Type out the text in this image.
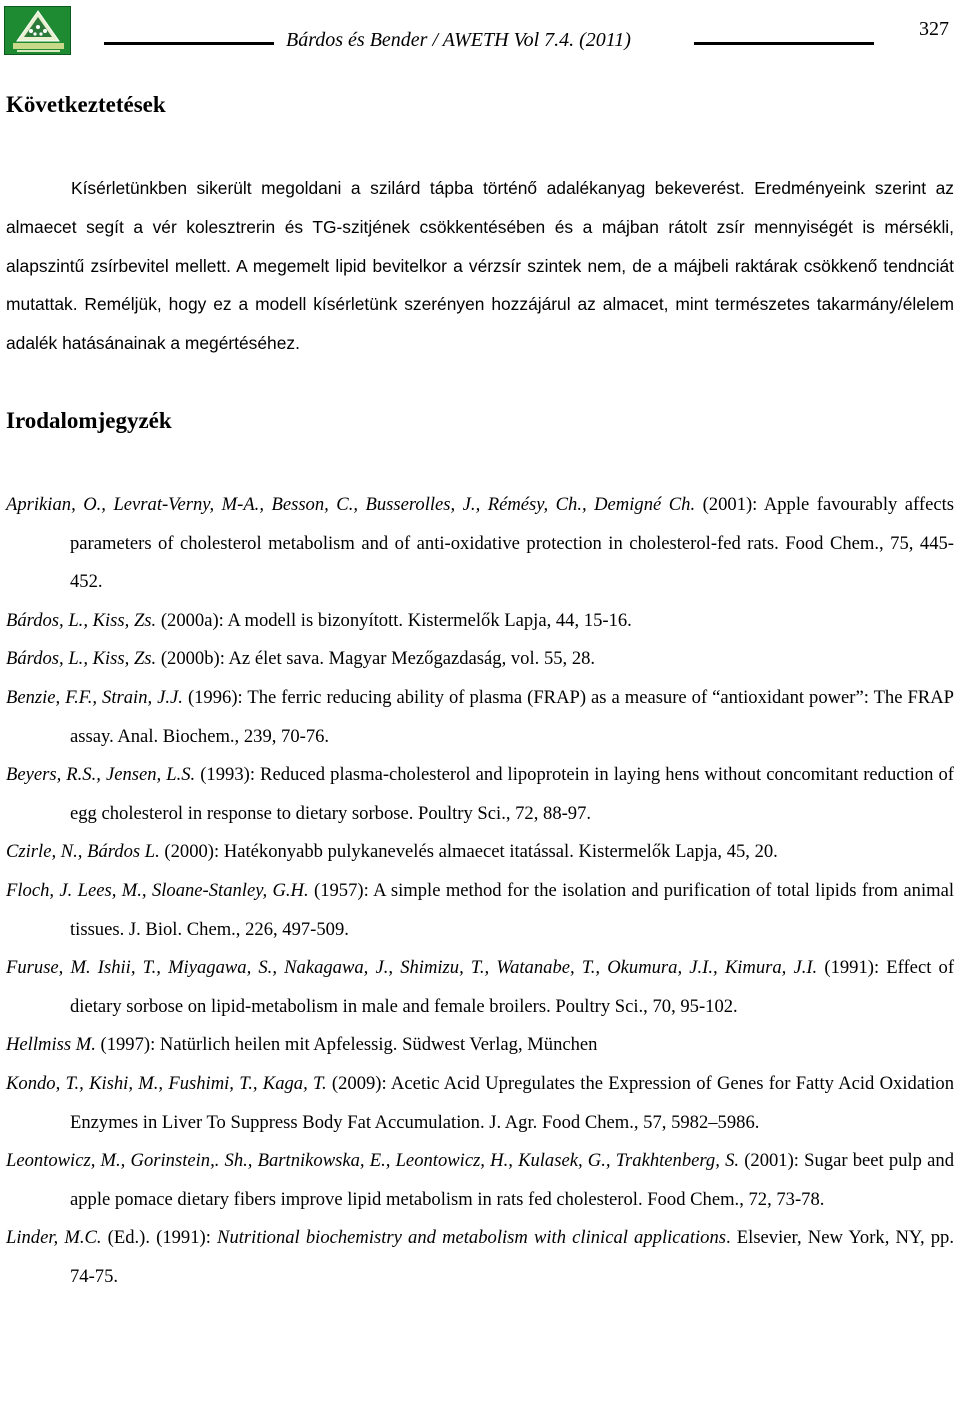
Bárdos és Bender / AWETH Vol 7.4. (2011)	327
Következtetések

Kísérletünkben sikerült megoldani a szilárd tápba történő adalékanyag bekeverést. Eredményeink szerint az almaecet segít a vér kolesztrerin és TG-szitjének csökkentésében és a májban rátolt zsír mennyiségét is mérsékli, alapszintű zsírbevitel mellett. A megemelt lipid bevitelkor a vérzsír szintek nem, de a májbeli raktárak csökkenő tendnciát mutattak. Reméljük, hogy ez a modell kísérletünk szerényen hozzájárul az almacet, mint természetes takarmány/élelem adalék hatásánainak a megértéséhez.

Irodalomjegyzék
Aprikian, O., Levrat-Verny, M-A., Besson, C., Busserolles, J., Rémésy, Ch., Demigné Ch. (2001): Apple favourably affects parameters of cholesterol metabolism and of anti-oxidative protection in cholesterol-fed rats. Food Chem., 75, 445-452.
Bárdos, L., Kiss, Zs. (2000a): A modell is bizonyított. Kistermelők Lapja, 44, 15-16.
Bárdos, L., Kiss, Zs. (2000b): Az élet sava. Magyar Mezőgazdaság, vol. 55, 28.
Benzie, F.F., Strain, J.J. (1996): The ferric reducing ability of plasma (FRAP) as a measure of “antioxidant power”: The FRAP assay. Anal. Biochem., 239, 70-76.
Beyers, R.S., Jensen, L.S. (1993): Reduced plasma-cholesterol and lipoprotein in laying hens without concomitant reduction of egg cholesterol in response to dietary sorbose. Poultry Sci., 72, 88-97.
Czirle, N., Bárdos L. (2000): Hatékonyabb pulykanevelés almaecet itatással. Kistermelők Lapja, 45, 20.
Floch, J. Lees, M., Sloane-Stanley, G.H. (1957): A simple method for the isolation and purification of total lipids from animal tissues. J. Biol. Chem., 226, 497-509.
Furuse, M. Ishii, T., Miyagawa, S., Nakagawa, J., Shimizu, T., Watanabe, T., Okumura, J.I., Kimura, J.I. (1991): Effect of dietary sorbose on lipid-metabolism in male and female broilers. Poultry Sci., 70, 95-102.
Hellmiss M. (1997): Natürlich heilen mit Apfelessig. Südwest Verlag, München
Kondo, T., Kishi, M., Fushimi, T., Kaga, T. (2009): Acetic Acid Upregulates the Expression of Genes for Fatty Acid Oxidation Enzymes in Liver To Suppress Body Fat Accumulation. J. Agr. Food Chem., 57, 5982–5986.
Leontowicz, M., Gorinstein,. Sh., Bartnikowska, E., Leontowicz, H., Kulasek, G., Trakhtenberg, S. (2001): Sugar beet pulp and apple pomace dietary fibers improve lipid metabolism in rats fed cholesterol. Food Chem., 72, 73-78.
Linder, M.C. (Ed.). (1991): Nutritional biochemistry and metabolism with clinical applications. Elsevier, New York, NY, pp. 74-75.
